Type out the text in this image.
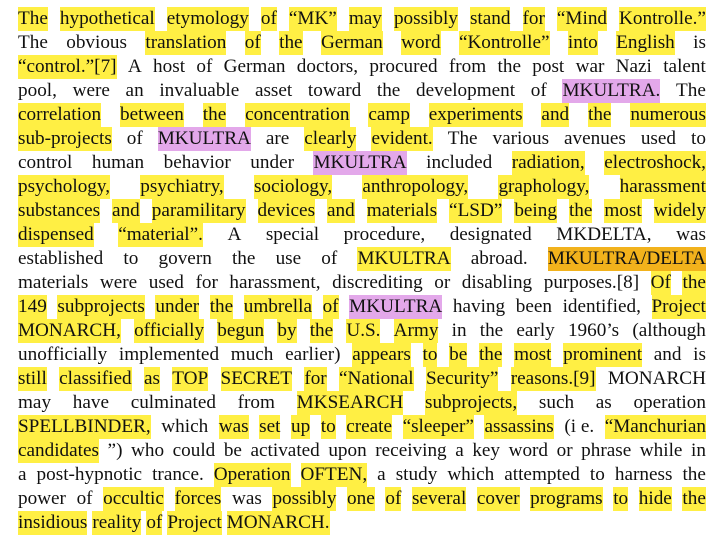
The hypothetical etymology of “MK” may possibly stand for “Mind Kontrolle.”
The obvious translation of the German word “Kontrolle” into English is
“control.”[7] A host of German doctors, procured from the post war Nazi talent
pool, were an invaluable asset toward the development of MKULTRA. The
correlation between the concentration camp experiments and the numerous
sub-projects of MKULTRA are clearly evident. The various avenues used to
control human behavior under MKULTRA included radiation, electroshock,
psychology, psychiatry, sociology, anthropology, graphology, harassment
substances and paramilitary devices and materials “LSD” being the most widely
dispensed “material”. A special procedure, designated MKDELTA, was
established to govern the use of MKULTRA abroad. MKULTRA/DELTA
materials were used for harassment, discrediting or disabling purposes.[8] Of the
149 subprojects under the umbrella of MKULTRA having been identified, Project
MONARCH, officially begun by the U.S. Army in the early 1960’s (although
unofficially implemented much earlier) appears to be the most prominent and is
still classified as TOP SECRET for “National Security” reasons.[9] MONARCH
may have culminated from MKSEARCH subprojects, such as operation
SPELLBINDER, which was set up to create “sleeper” assassins (i e. “Manchurian
candidates ”) who could be activated upon receiving a key word or phrase while in
a post-hypnotic trance. Operation OFTEN, a study which attempted to harness the
power of occultic forces was possibly one of several cover programs to hide the
insidious reality of Project MONARCH.
